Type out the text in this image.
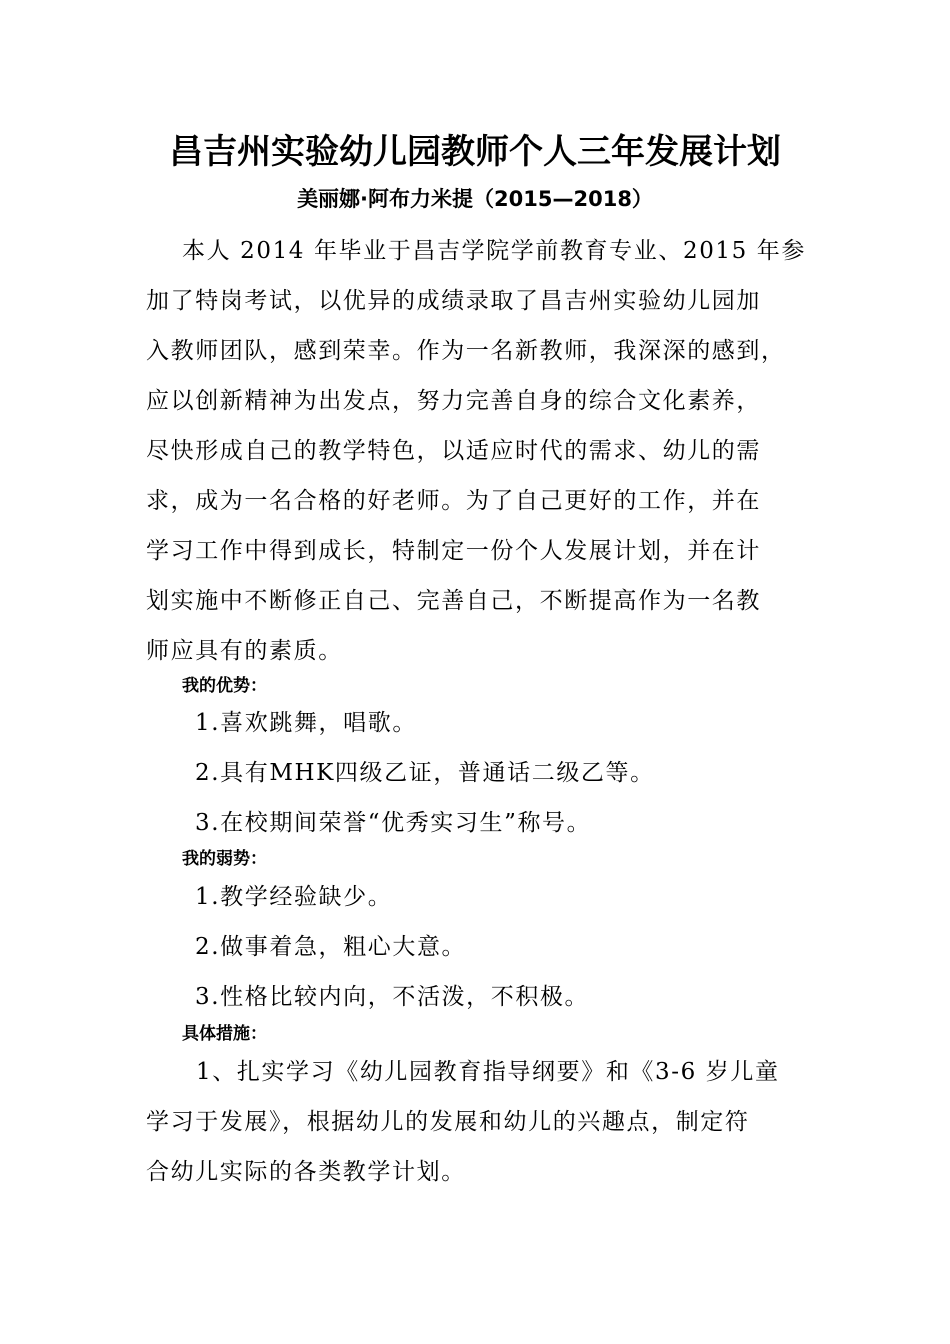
昌吉州实验幼儿园教师个人三年发展计划
美丽娜·阿布力米提（2015—2018）
本人 2014 年毕业于昌吉学院学前教育专业、2015 年参
加了特岗考试，以优异的成绩录取了昌吉州实验幼儿园加
入教师团队，感到荣幸。作为一名新教师，我深深的感到，
应以创新精神为出发点，努力完善自身的综合文化素养，
尽快形成自己的教学特色，以适应时代的需求、幼儿的需
求，成为一名合格的好老师。为了自己更好的工作，并在
学习工作中得到成长，特制定一份个人发展计划，并在计
划实施中不断修正自己、完善自己，不断提高作为一名教
师应具有的素质。
我的优势：
1.喜欢跳舞，唱歌。
2.具有MHK四级乙证，普通话二级乙等。
3.在校期间荣誉“优秀实习生”称号。
我的弱势：
1.教学经验缺少。
2.做事着急，粗心大意。
3.性格比较内向，不活泼，不积极。
具体措施：
1、扎实学习《幼儿园教育指导纲要》和《3-6 岁儿童
学习于发展》，根据幼儿的发展和幼儿的兴趣点，制定符
合幼儿实际的各类教学计划。
